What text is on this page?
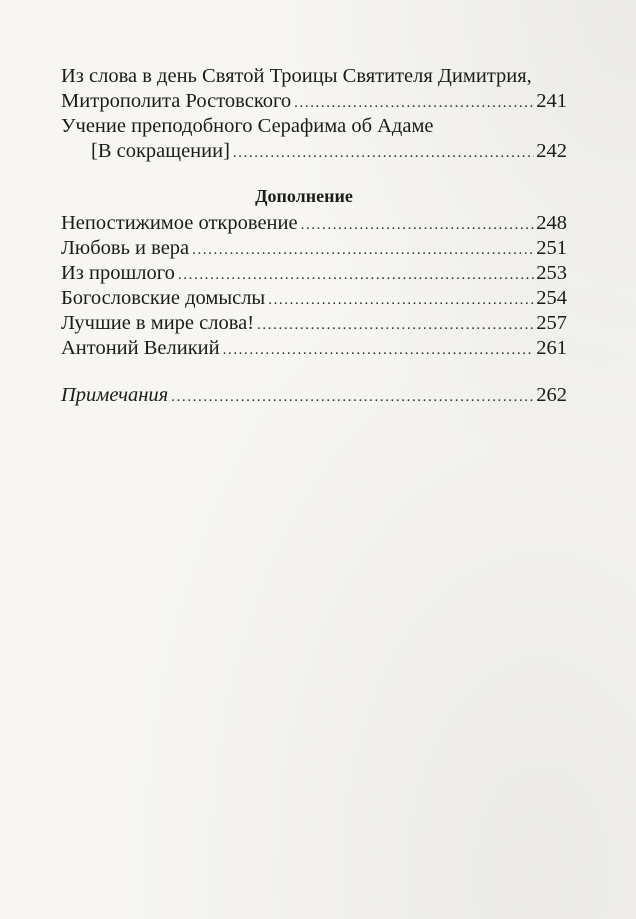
Из слова в день Святой Троицы Святителя Димитрия,
Митрополита Ростовского .....	241
Учение преподобного Серафима об Адаме
[В сокращении] .....	242
Дополнение
Непостижимое откровение .....	248
Любовь и вера .....	251
Из прошлого .....	253
Богословские домыслы .....	254
Лучшие в мире слова! .....	257
Антоний Великий .....	261
Примечания .....	262
